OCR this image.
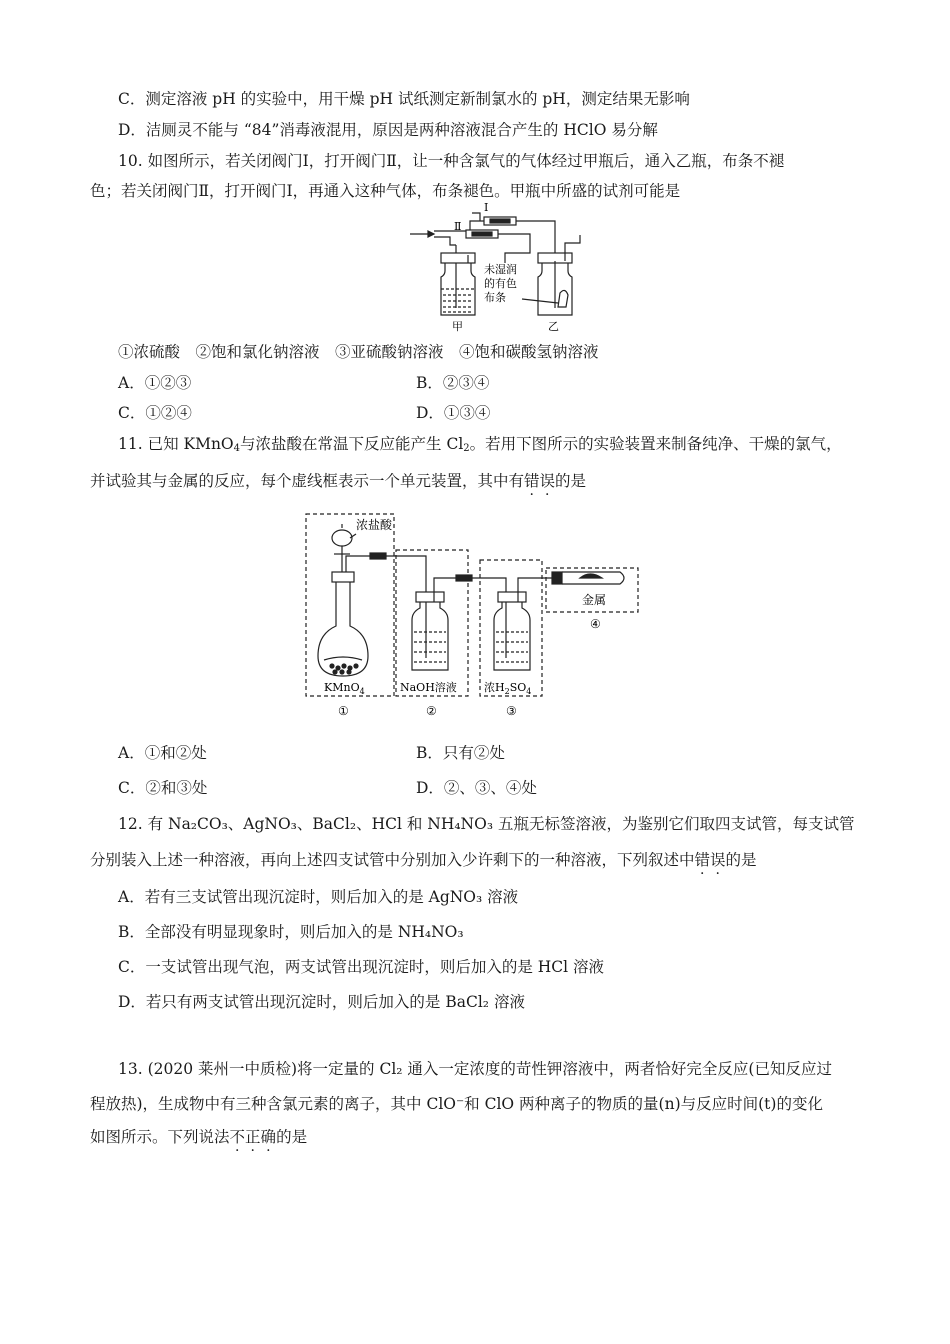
C．测定溶液 pH 的实验中，用干燥 pH 试纸测定新制氯水的 pH，测定结果无影响
D．洁厕灵不能与 “84”消毒液混用，原因是两种溶液混合产生的 HClO 易分解
10. 如图所示，若关闭阀门Ⅰ，打开阀门Ⅱ，让一种含氯气的气体经过甲瓶后，通入乙瓶，布条不褪
色；若关闭阀门Ⅱ，打开阀门Ⅰ，再通入这种气体，布条褪色。甲瓶中所盛的试剂可能是
Ⅰ
Ⅱ
未湿润
的有色
布条
甲	乙
①浓硫酸　②饱和氯化钠溶液　③亚硫酸钠溶液　④饱和碳酸氢钠溶液
A．①②③	B．②③④
C．①②④	D．①③④
11. 已知 KMnO$_4$与浓盐酸在常温下反应能产生 $Cl_2$。若用下图所示的实验装置来制备纯净、干燥的氯气，
并试验其与金属的反应，每个虚线框表示一个单元装置，其中有错误的是
浓盐酸
KMnO$_4$	NaOH溶液 浓$H_2SO_4$
金属
①	②	③
④
A．①和②处	B．只有②处
C．②和③处	D．②、③、④处
12. 有 Na₂CO₃、AgNO₃、BaCl₂、HCl 和 NH₄NO₃ 五瓶无标签溶液，为鉴别它们取四支试管，每支试管
分别装入上述一种溶液，再向上述四支试管中分别加入少许剩下的一种溶液，下列叙述中错误的是
A．若有三支试管出现沉淀时，则后加入的是 AgNO₃ 溶液
B．全部没有明显现象时，则后加入的是 NH₄NO₃
C．一支试管出现气泡，两支试管出现沉淀时，则后加入的是 HCl 溶液
D．若只有两支试管出现沉淀时，则后加入的是 BaCl₂ 溶液
13. (2020 莱州一中质检)将一定量的 Cl₂ 通入一定浓度的苛性钾溶液中，两者恰好完全反应(已知反应过
程放热)，生成物中有三种含氯元素的离子，其中 ClO⁻和 ClO 两种离子的物质的量(n)与反应时间(t)的变化
如图所示。下列说法不正确的是
